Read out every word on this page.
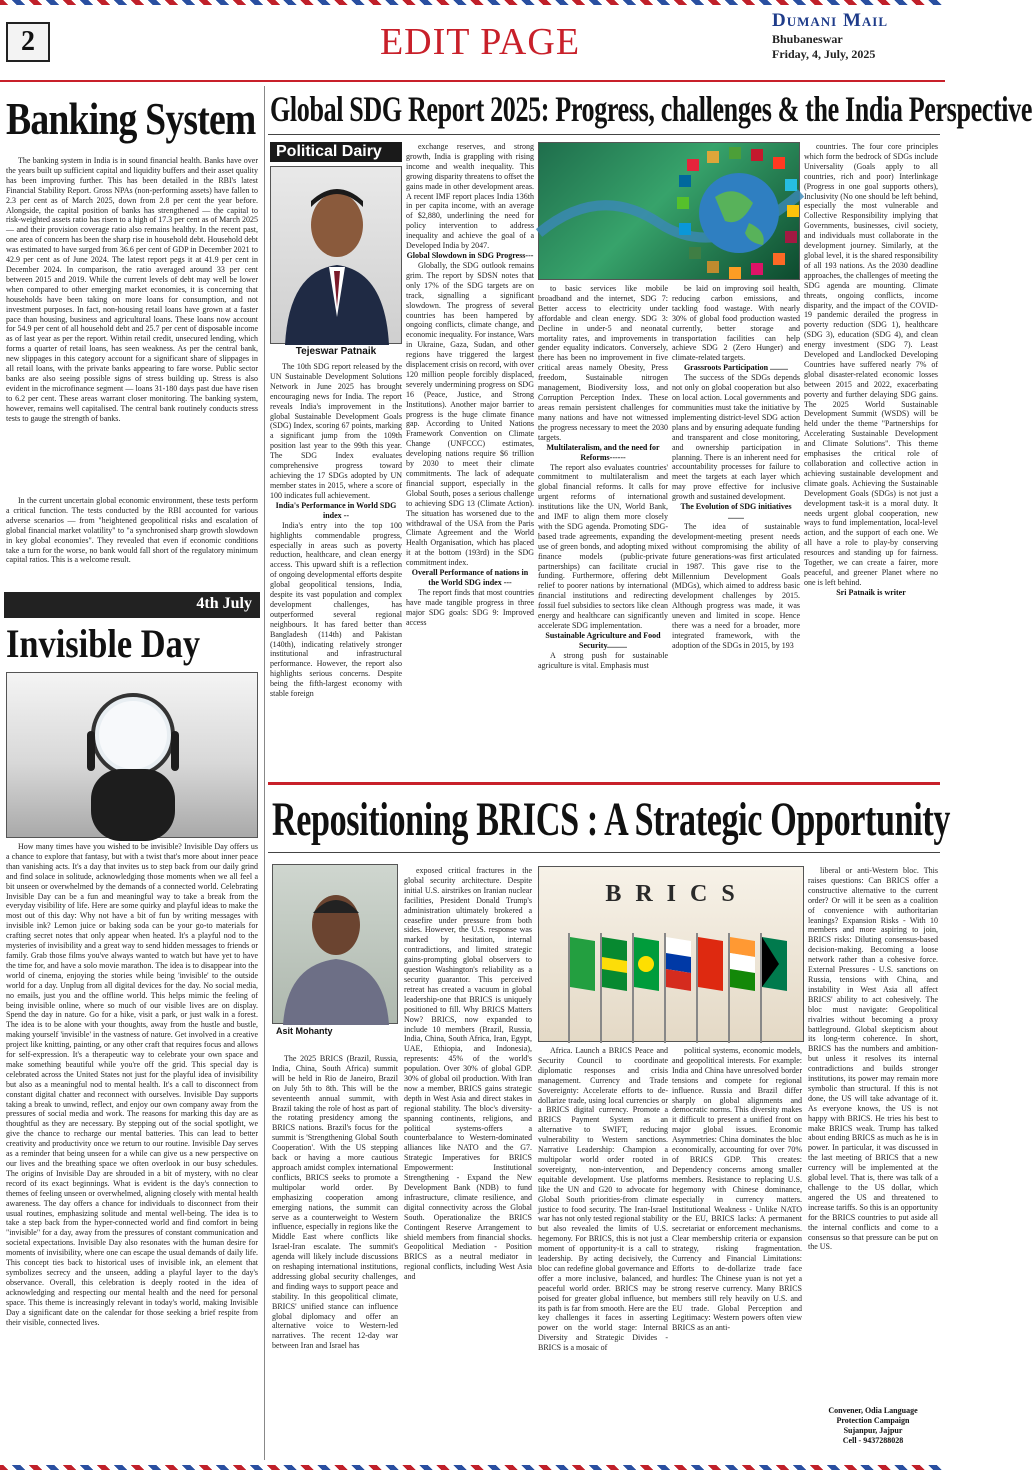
2	EDIT PAGE
Dumani Mail
Bhubaneswar
Friday, 4, July, 2025
Banking System

The banking system in India is in sound financial health. Banks have over the years built up sufficient capital and liquidity buffers and their asset quality has been improving further. This has been detailed in the RBI's latest Financial Stability Report. Gross NPAs (non-performing assets) have fallen to 2.3 per cent as of March 2025, down from 2.8 per cent the year before. Alongside, the capital position of banks has strengthened — the capital to risk-weighted assets ratio has risen to a high of 17.3 per cent as of March 2025 — and their provision coverage ratio also remains healthy. In the recent past, one area of concern has been the sharp rise in household debt. Household debt was estimated to have surged from 36.6 per cent of GDP in December 2021 to 42.9 per cent as of June 2024. The latest report pegs it at 41.9 per cent in December 2024. In comparison, the ratio averaged around 33 per cent between 2015 and 2019. While the current levels of debt may well be lower when compared to other emerging market economies, it is concerning that households have been taking on more loans for consumption, and not investment purposes. In fact, non-housing retail loans have grown at a faster pace than housing, business and agricultural loans. These loans now account for 54.9 per cent of all household debt and 25.7 per cent of disposable income as of last year as per the report. Within retail credit, unsecured lending, which forms a quarter of retail loans, has seen weakness. As per the central bank, new slippages in this category account for a significant share of slippages in all retail loans, with the private banks appearing to fare worse. Public sector banks are also seeing possible signs of stress building up. Stress is also evident in the microfinance segment — loans 31-180 days past due have risen to 6.2 per cent. These areas warrant closer monitoring. The banking system, however, remains well capitalised. The central bank routinely conducts stress tests to gauge the strength of banks.

In the current uncertain global economic environment, these tests perform a critical function. The tests conducted by the RBI accounted for various adverse scenarios — from "heightened geopolitical risks and escalation of global financial market volatility" to "a synchronised sharp growth slowdown in key global economies". They revealed that even if economic conditions take a turn for the worse, no bank would fall short of the regulatory minimum capital ratios. This is a welcome result.

4th July
Invisible Day

How many times have you wished to be invisible? Invisible Day offers us a chance to explore that fantasy, but with a twist that's more about inner peace than vanishing acts. It's a day that invites us to step back from our daily grind and find solace in solitude, acknowledging those moments when we all feel a bit unseen or overwhelmed by the demands of a connected world. Celebrating Invisible Day can be a fun and meaningful way to take a break from the everyday visibility of life. Here are some quirky and playful ideas to make the most out of this day: Why not have a bit of fun by writing messages with invisible ink? Lemon juice or baking soda can be your go-to materials for crafting secret notes that only appear when heated. It's a playful nod to the mysteries of invisibility and a great way to send hidden messages to friends or family. Grab those films you've always wanted to watch but have yet to have the time for, and have a solo movie marathon. The idea is to disappear into the world of cinema, enjoying the stories while being 'invisible' to the outside world for a day. Unplug from all digital devices for the day. No social media, no emails, just you and the offline world. This helps mimic the feeling of being invisible online, where so much of our visible lives are on display. Spend the day in nature. Go for a hike, visit a park, or just walk in a forest. The idea is to be alone with your thoughts, away from the hustle and bustle, making yourself 'invisible' in the vastness of nature. Get involved in a creative project like knitting, painting, or any other craft that requires focus and allows for self-expression. It's a therapeutic way to celebrate your own space and make something beautiful while you're off the grid. This special day is celebrated across the United States not just for the playful idea of invisibility but also as a meaningful nod to mental health. It's a call to disconnect from constant digital chatter and reconnect with ourselves. Invisible Day supports taking a break to unwind, reflect, and enjoy our own company away from the pressures of social media and work. The reasons for marking this day are as thoughtful as they are necessary. By stepping out of the social spotlight, we give the chance to recharge our mental batteries. This can lead to better creativity and productivity once we return to our routine. Invisible Day serves as a reminder that being unseen for a while can give us a new perspective on our lives and the breathing space we often overlook in our busy schedules. The origins of Invisible Day are shrouded in a bit of mystery, with no clear record of its exact beginnings. What is evident is the day's connection to themes of feeling unseen or overwhelmed, aligning closely with mental health awareness. The day offers a chance for individuals to disconnect from their usual routines, emphasizing solitude and mental well-being. The idea is to take a step back from the hyper-connected world and find comfort in being "invisible" for a day, away from the pressures of constant communication and societal expectations. Invisible Day also resonates with the human desire for moments of invisibility, where one can escape the usual demands of daily life. This concept ties back to historical uses of invisible ink, an element that symbolizes secrecy and the unseen, adding a playful layer to the day's observance. Overall, this celebration is deeply rooted in the idea of acknowledging and respecting our mental health and the need for personal space. This theme is increasingly relevant in today's world, making Invisible Day a significant date on the calendar for those seeking a brief respite from their visible, connected lives.

Global SDG Report 2025: Progress, challenges & the India Perspective
Political Dairy
Tejeswar Patnaik

The 10th SDG report released by the UN Sustainable Development Solutions Network in June 2025 has brought encouraging news for India. The report reveals India's improvement in the global Sustainable Development Goals (SDG) Index, scoring 67 points, marking a significant jump from the 109th position last year to the 99th this year. The SDG Index evaluates comprehensive progress toward achieving the 17 SDGs adopted by UN member states in 2015, where a score of 100 indicates full achievement.

India's Performance in World SDG index --

India's entry into the top 100 highlights commendable progress, especially in areas such as poverty reduction, healthcare, and clean energy access. This upward shift is a reflection of ongoing developmental efforts despite global geopolitical tensions, India, despite its vast population and complex development challenges, has outperformed several regional neighbours. It has fared better than Bangladesh (114th) and Pakistan (140th), indicating relatively stronger institutional and infrastructural performance. However, the report also highlights serious concerns. Despite being the fifth-largest economy with stable foreign

exchange reserves, and strong growth, India is grappling with rising income and wealth inequality. This growing disparity threatens to offset the gains made in other development areas. A recent IMF report places India 136th in per capita income, with an average of $2,880, underlining the need for policy intervention to address inequality and achieve the goal of a Developed India by 2047.

Global Slowdown in SDG Progress---

Globally, the SDG outlook remains grim. The report by SDSN notes that only 17% of the SDG targets are on track, signalling a significant slowdown. The progress of several countries has been hampered by ongoing conflicts, climate change, and economic inequality. For instance, Wars in Ukraine, Gaza, Sudan, and other regions have triggered the largest displacement crisis on record, with over 120 million people forcibly displaced, severely undermining progress on SDG 16 (Peace, Justice, and Strong Institutions). Another major barrier to progress is the huge climate finance gap. According to United Nations Framework Convention on Climate Change (UNFCCC) estimates, developing nations require $6 trillion by 2030 to meet their climate commitments. The lack of adequate financial support, especially in the Global South, poses a serious challenge to achieving SDG 13 (Climate Action). The situation has worsened due to the withdrawal of the USA from the Paris Climate Agreement and the World Health Organisation, which has placed it at the bottom (193rd) in the SDG commitment index.

Overall Performance of nations in the World SDG index ---

The report finds that most countries have made tangible progress in three major SDG goals: SDG 9: Improved access

to basic services like mobile broadband and the internet, SDG 7: Better access to electricity under affordable and clean energy. SDG 3: Decline in under-5 and neonatal mortality rates, and improvements in gender equality indicators. Conversely, there has been no improvement in five critical areas namely Obesity, Press freedom, Sustainable nitrogen management, Biodiversity loss, and Corruption Perception Index. These areas remain persistent challenges for many nations and have not witnessed the progress necessary to meet the 2030 targets.

Multilateralism, and the need for Reforms------

The report also evaluates countries' commitment to multilateralism and global financial reforms. It calls for urgent reforms of international institutions like the UN, World Bank, and IMF to align them more closely with the SDG agenda. Promoting SDG-based trade agreements, expanding the use of green bonds, and adopting mixed finance models (public-private partnerships) can facilitate crucial funding. Furthermore, offering debt relief to poorer nations by international financial institutions and redirecting fossil fuel subsidies to sectors like clean energy and healthcare can significantly accelerate SDG implementation.

Sustainable Agriculture and Food Security..........

A strong push for sustainable agriculture is vital. Emphasis must

be laid on improving soil health, reducing carbon emissions, and tackling food wastage. With nearly 30% of global food production wasted currently, better storage and transportation facilities can help achieve SDG 2 (Zero Hunger) and climate-related targets.

Grassroots Participation .........

The success of the SDGs depends not only on global cooperation but also on local action. Local governments and communities must take the initiative by implementing district-level SDG action plans and by ensuring adequate funding and transparent and close monitoring, and ownership participation in planning. There is an inherent need for accountability processes for failure to meet the targets at each layer which may prove effective for inclusive growth and sustained development.

The Evolution of SDG initiatives ........

The idea of sustainable development-meeting present needs without compromising the ability of future generations-was first articulated in 1987. This gave rise to the Millennium Development Goals (MDGs), which aimed to address basic development challenges by 2015. Although progress was made, it was uneven and limited in scope. Hence there was a need for a broader, more integrated framework, with the adoption of the SDGs in 2015, by 193

countries. The four core principles which form the bedrock of SDGs include Universality (Goals apply to all countries, rich and poor) Interlinkage (Progress in one goal supports others), Inclusivity (No one should be left behind, especially the most vulnerable and Collective Responsibility implying that Governments, businesses, civil society, and individuals must collaborate in the development journey. Similarly, at the global level, it is the shared responsibility of all 193 nations. As the 2030 deadline approaches, the challenges of meeting the SDG agenda are mounting. Climate threats, ongoing conflicts, income disparity, and the impact of the COVID-19 pandemic derailed the progress in poverty reduction (SDG 1), healthcare (SDG 3), education (SDG 4), and clean energy investment (SDG 7). Least Developed and Landlocked Developing Countries have suffered nearly 7% of global disaster-related economic losses between 2015 and 2022, exacerbating poverty and further delaying SDG gains. The 2025 World Sustainable Development Summit (WSDS) will be held under the theme "Partnerships for Accelerating Sustainable Development and Climate Solutions". This theme emphasises the critical role of collaboration and collective action in achieving sustainable development and climate goals. Achieving the Sustainable Development Goals (SDGs) is not just a development task-it is a moral duty. It needs urgent global cooperation, new ways to fund implementation, local-level action, and the support of each one. We all have a role to play-by conserving resources and standing up for fairness. Together, we can create a fairer, more peaceful, and greener Planet where no one is left behind.

Sri Patnaik is writer
Repositioning BRICS : A Strategic Opportunity
Asit Mohanty

The 2025 BRICS (Brazil, Russia, India, China, South Africa) summit will be held in Rio de Janeiro, Brazil on July 5th to 8th. This will be the seventeenth annual summit, with Brazil taking the role of host as part of the rotating presidency among the BRICS nations. Brazil's focus for the summit is 'Strengthening Global South Cooperation'. With the US stepping back or having a more cautious approach amidst complex international conflicts, BRICS seeks to promote a multipolar world order. By emphasizing cooperation among emerging nations, the summit can serve as a counterweight to Western influence, especially in regions like the Middle East where conflicts like Israel-Iran escalate. The summit's agenda will likely include discussions on reshaping international institutions, addressing global security challenges, and finding ways to support peace and stability. In this geopolitical climate, BRICS' unified stance can influence global diplomacy and offer an alternative voice to Western-led narratives. The recent 12-day war between Iran and Israel has

exposed critical fractures in the global security architecture. Despite initial U.S. airstrikes on Iranian nuclear facilities, President Donald Trump's administration ultimately brokered a ceasefire under pressure from both sides. However, the U.S. response was marked by hesitation, internal contradictions, and limited strategic gains-prompting global observers to question Washington's reliability as a security guarantor. This perceived retreat has created a vacuum in global leadership-one that BRICS is uniquely positioned to fill. Why BRICS Matters Now? BRICS, now expanded to include 10 members (Brazil, Russia, India, China, South Africa, Iran, Egypt, UAE, Ethiopia, and Indonesia), represents: 45% of the world's population. Over 30% of global GDP. 30% of global oil production. With Iran now a member, BRICS gains strategic depth in West Asia and direct stakes in regional stability. The bloc's diversity-spanning continents, religions, and political systems-offers a counterbalance to Western-dominated alliances like NATO and the G7. Strategic Imperatives for BRICS Empowerment: Institutional Strengthening - Expand the New Development Bank (NDB) to fund infrastructure, climate resilience, and digital connectivity across the Global South. Operationalize the BRICS Contingent Reserve Arrangement to shield members from financial shocks. Geopolitical Mediation - Position BRICS as a neutral mediator in regional conflicts, including West Asia and

B R I C S

Africa. Launch a BRICS Peace and Security Council to coordinate diplomatic responses and crisis management. Currency and Trade Sovereignty: Accelerate efforts to de-dollarize trade, using local currencies or a BRICS digital currency. Promote a BRICS Payment System as an alternative to SWIFT, reducing vulnerability to Western sanctions. Narrative Leadership: Champion a multipolar world order rooted in sovereignty, non-intervention, and equitable development. Use platforms like the UN and G20 to advocate for Global South priorities-from climate justice to food security. The Iran-Israel war has not only tested regional stability but also revealed the limits of U.S. hegemony. For BRICS, this is not just a moment of opportunity-it is a call to leadership. By acting decisively, the bloc can redefine global governance and offer a more inclusive, balanced, and peaceful world order. BRICS may be poised for greater global influence, but its path is far from smooth. Here are the key challenges it faces in asserting power on the world stage: Internal Diversity and Strategic Divides - BRICS is a mosaic of

political systems, economic models, and geopolitical interests. For example: India and China have unresolved border tensions and compete for regional influence. Russia and Brazil differ sharply on global alignments and democratic norms. This diversity makes it difficult to present a unified front on major global issues. Economic Asymmetries: China dominates the bloc economically, accounting for over 70% of BRICS GDP. This creates: Dependency concerns among smaller members. Resistance to replacing U.S. hegemony with Chinese dominance, especially in currency matters. Institutional Weakness - Unlike NATO or the EU, BRICS lacks: A permanent secretariat or enforcement mechanisms. Clear membership criteria or expansion strategy, risking fragmentation. Currency and Financial Limitations: Efforts to de-dollarize trade face hurdles: The Chinese yuan is not yet a strong reserve currency. Many BRICS members still rely heavily on U.S. and EU trade. Global Perception and Legitimacy: Western powers often view BRICS as an anti-

liberal or anti-Western bloc. This raises questions: Can BRICS offer a constructive alternative to the current order? Or will it be seen as a coalition of convenience with authoritarian leanings? Expansion Risks - With 10 members and more aspiring to join, BRICS risks: Diluting consensus-based decision-making. Becoming a loose network rather than a cohesive force. External Pressures - U.S. sanctions on Russia, tensions with China, and instability in West Asia all affect BRICS' ability to act cohesively. The bloc must navigate: Geopolitical rivalries without becoming a proxy battleground. Global skepticism about its long-term coherence. In short, BRICS has the numbers and ambition-but unless it resolves its internal contradictions and builds stronger institutions, its power may remain more symbolic than structural. If this is not done, the US will take advantage of it. As everyone knows, the US is not happy with BRICS. He tries his best to make BRICS weak. Trump has talked about ending BRICS as much as he is in power. In particular, it was discussed in the last meeting of BRICS that a new currency will be implemented at the global level. That is, there was talk of a challenge to the US dollar, which angered the US and threatened to increase tariffs. So this is an opportunity for the BRICS countries to put aside all the internal conflicts and come to a consensus so that pressure can be put on the US.

Convener, Odia Language
Protection Campaign
Sujanpur, Jajpur
Cell - 9437288028
